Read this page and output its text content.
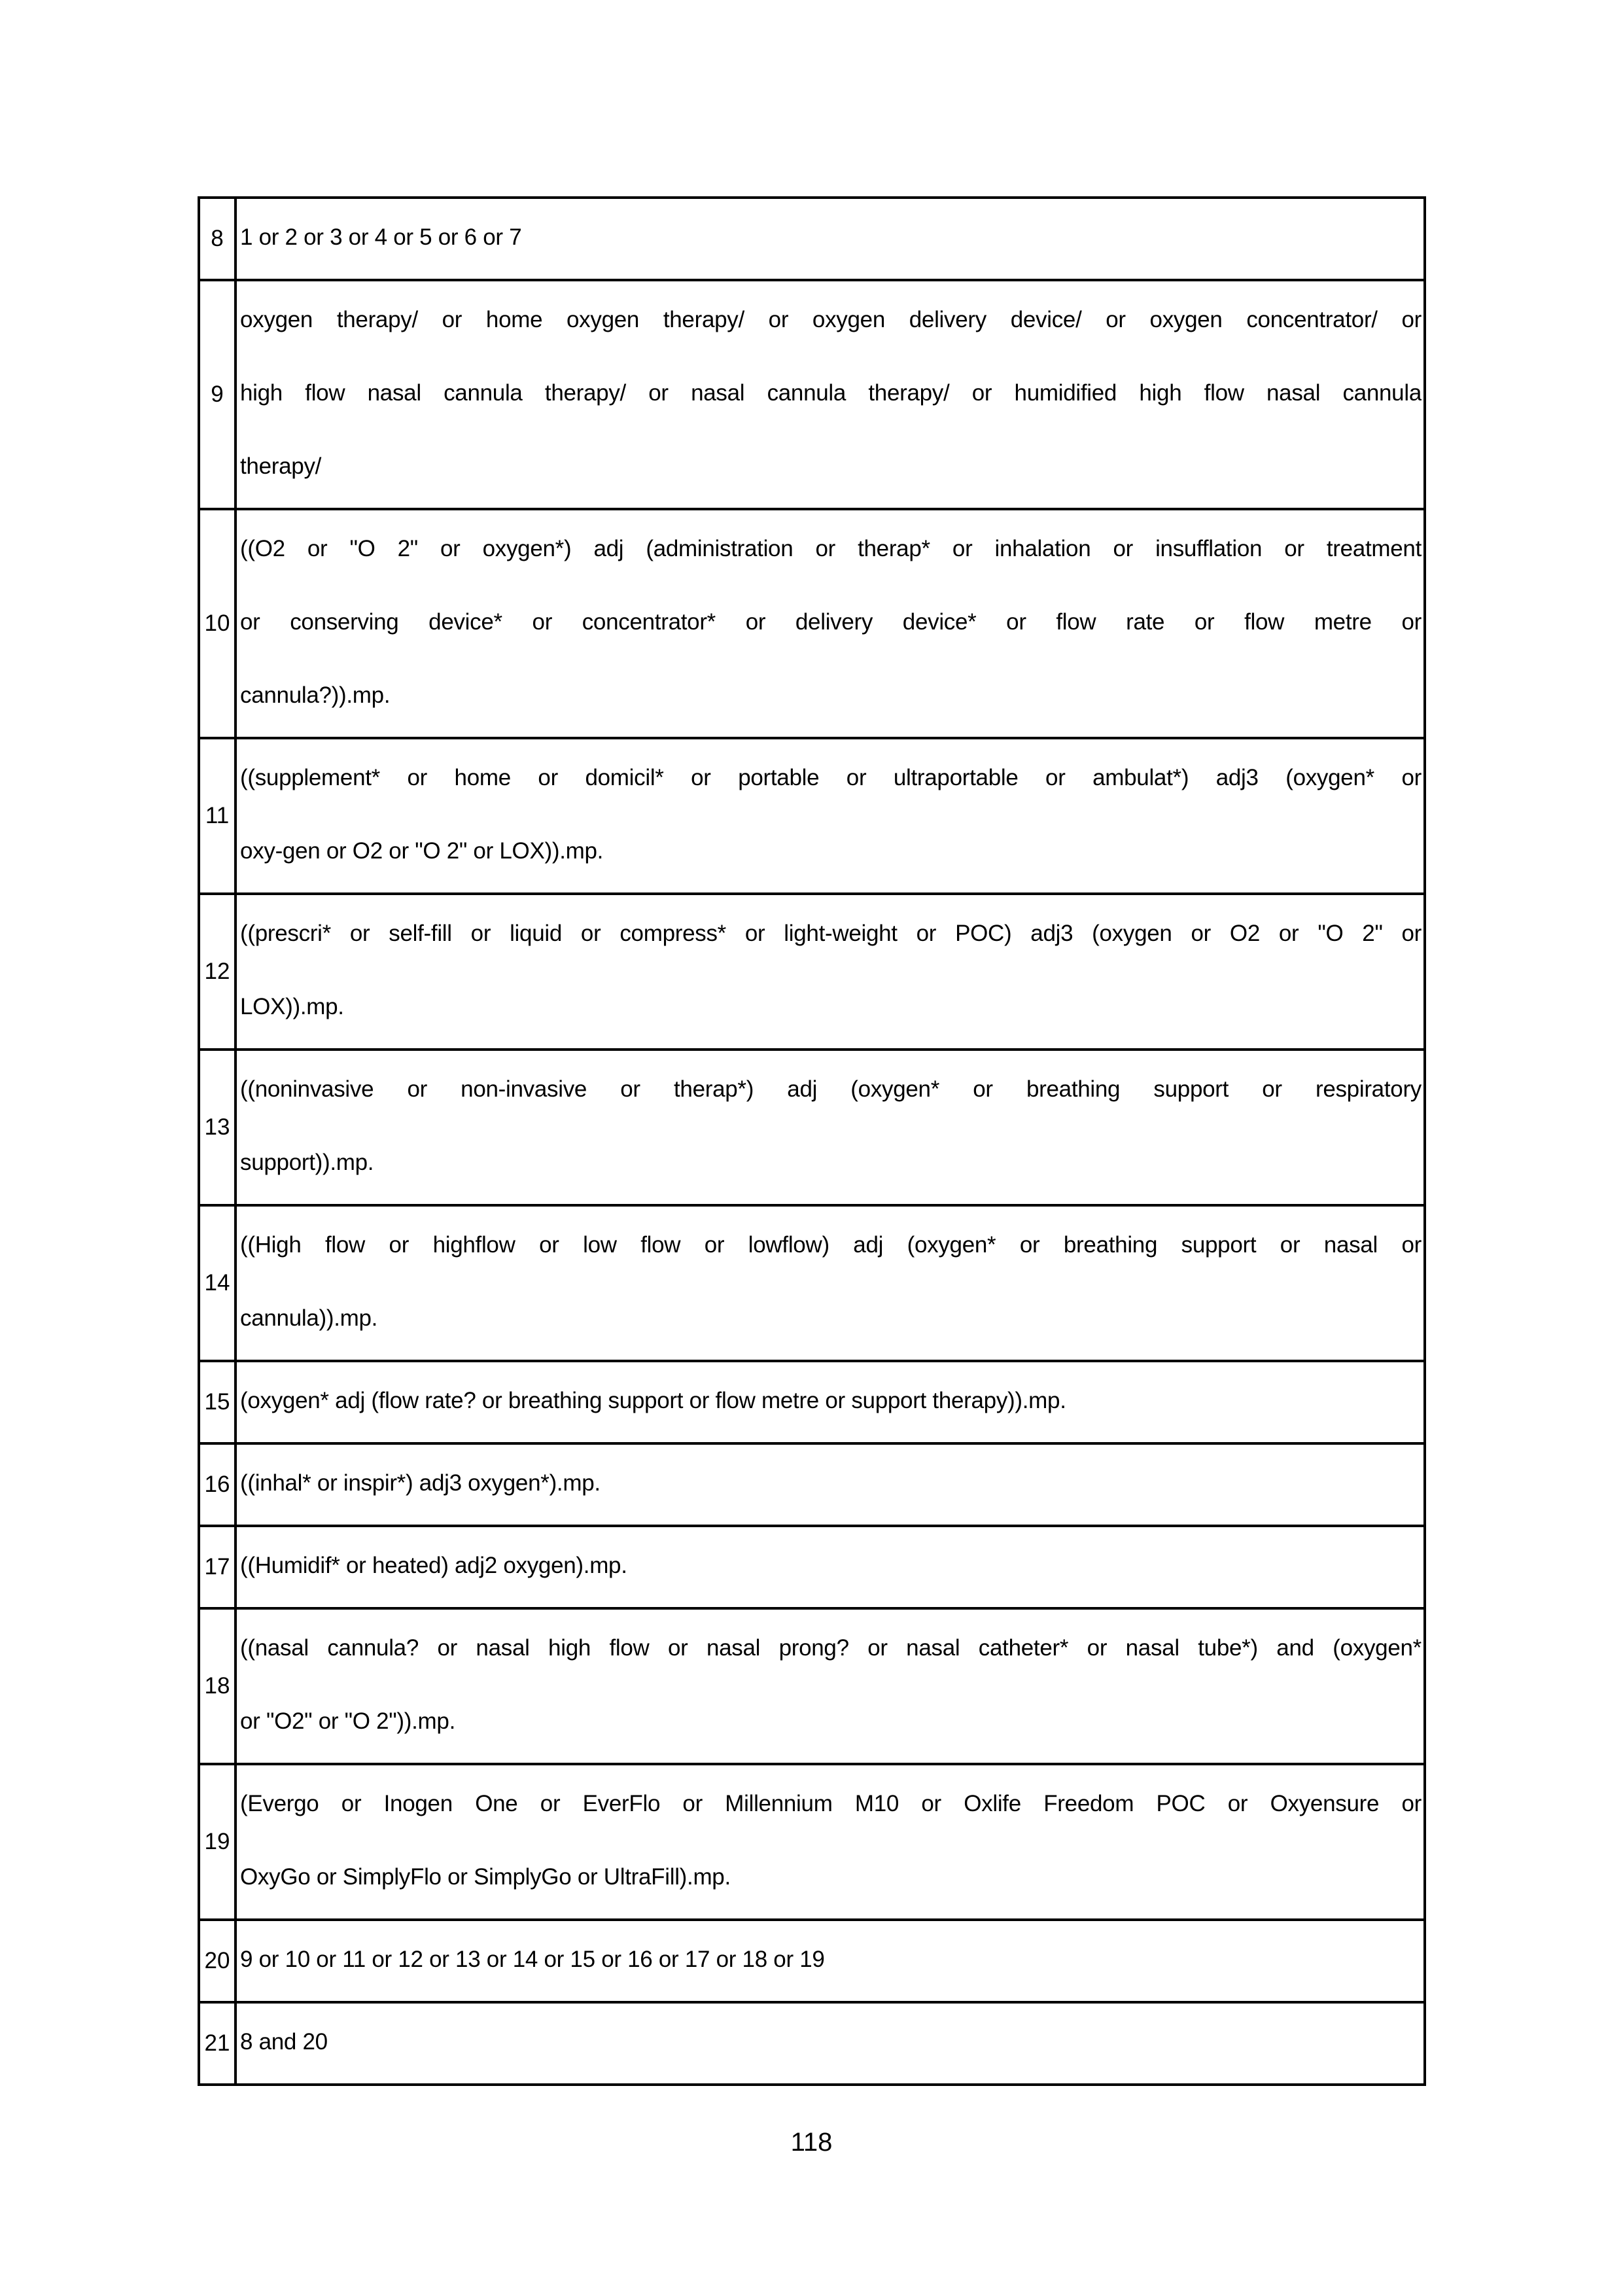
8	1 or 2 or 3 or 4 or 5 or 6 or 7

9	oxygen therapy/ or home oxygen therapy/ or oxygen delivery device/ or oxygen concentrator/ or
high flow nasal cannula therapy/ or nasal cannula therapy/ or humidified high flow nasal cannula
therapy/

10	((O2 or "O 2" or oxygen*) adj (administration or therap* or inhalation or insufflation or treatment
or conserving device* or concentrator* or delivery device* or flow rate or flow metre or
cannula?)).mp.

11	((supplement* or home or domicil* or portable or ultraportable or ambulat*) adj3 (oxygen* or
oxy-gen or O2 or "O 2" or LOX)).mp.

12	((prescri* or self-fill or liquid or compress* or light-weight or POC) adj3 (oxygen or O2 or "O 2" or
LOX)).mp.

13	((noninvasive or non-invasive or therap*) adj (oxygen* or breathing support or respiratory
support)).mp.

14	((High flow or highflow or low flow or lowflow) adj (oxygen* or breathing support or nasal or
cannula)).mp.

15	(oxygen* adj (flow rate? or breathing support or flow metre or support therapy)).mp.

16	((inhal* or inspir*) adj3 oxygen*).mp.

17	((Humidif* or heated) adj2 oxygen).mp.

18	((nasal cannula? or nasal high flow or nasal prong? or nasal catheter* or nasal tube*) and (oxygen*
or "O2" or "O 2")).mp.

19	(Evergo or Inogen One or EverFlo or Millennium M10 or Oxlife Freedom POC or Oxyensure or
OxyGo or SimplyFlo or SimplyGo or UltraFill).mp.

20	9 or 10 or 11 or 12 or 13 or 14 or 15 or 16 or 17 or 18 or 19

21	8 and 20
118
